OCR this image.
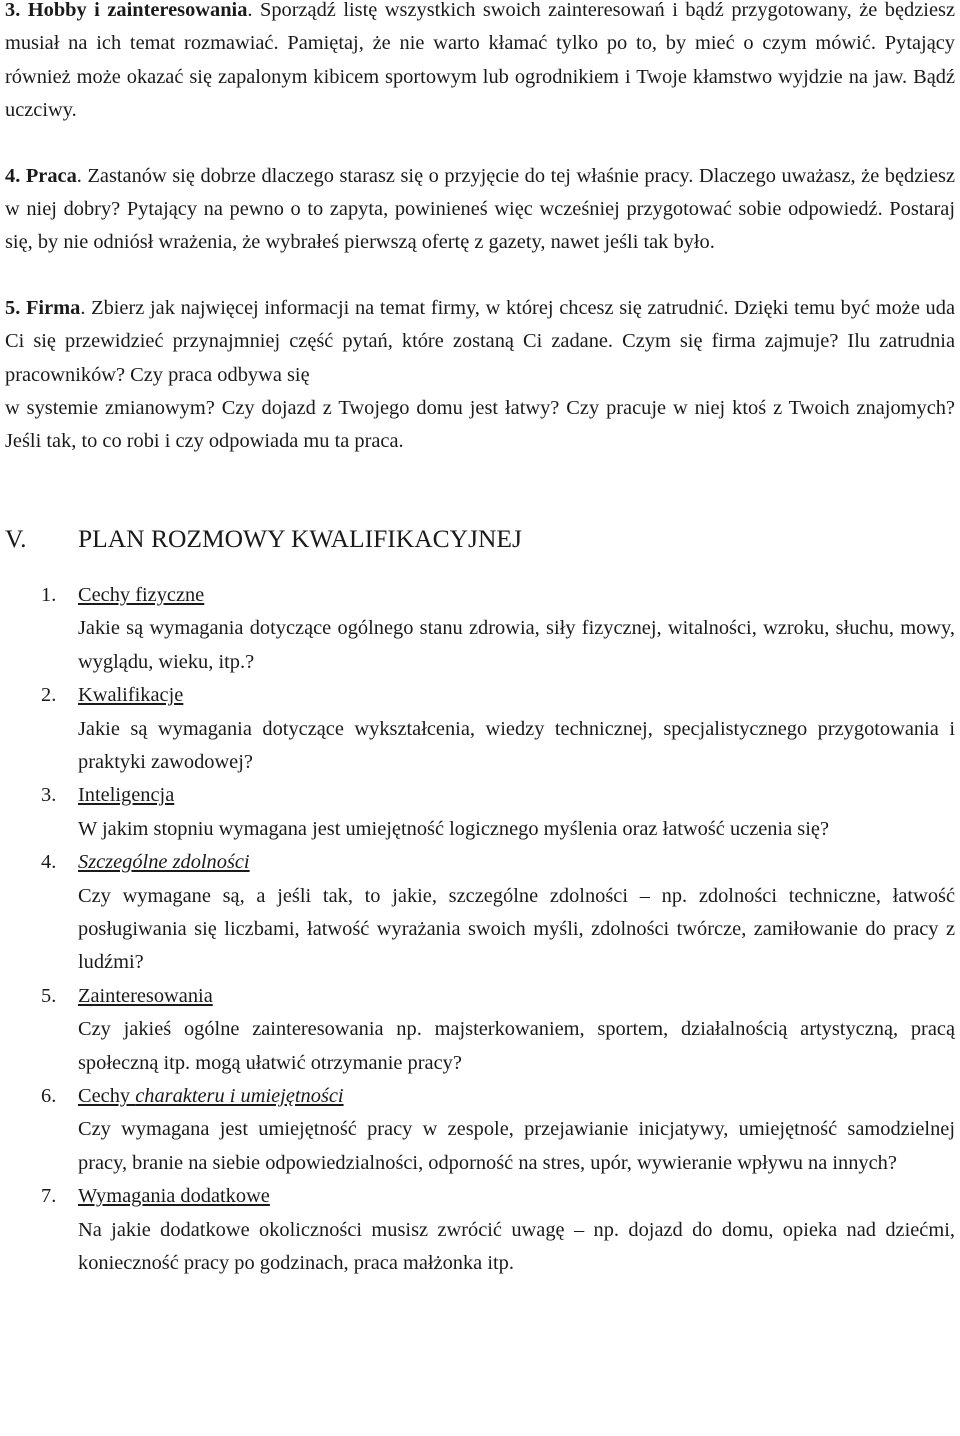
3. Hobby i zainteresowania. Sporządź listę wszystkich swoich zainteresowań i bądź przygotowany, że będziesz musiał na ich temat rozmawiać. Pamiętaj, że nie warto kłamać tylko po to, by mieć o czym mówić. Pytający również może okazać się zapalonym kibicem sportowym lub ogrodnikiem i Twoje kłamstwo wyjdzie na jaw. Bądź uczciwy.

4. Praca. Zastanów się dobrze dlaczego starasz się o przyjęcie do tej właśnie pracy. Dlaczego uważasz, że będziesz w niej dobry? Pytający na pewno o to zapyta, powinieneś więc wcześniej przygotować sobie odpowiedź. Postaraj się, by nie odniósł wrażenia, że wybrałeś pierwszą ofertę z gazety, nawet jeśli tak było.

5. Firma. Zbierz jak najwięcej informacji na temat firmy, w której chcesz się zatrudnić. Dzięki temu być może uda Ci się przewidzieć przynajmniej część pytań, które zostaną Ci zadane. Czym się firma zajmuje? Ilu zatrudnia pracowników? Czy praca odbywa się

w systemie zmianowym? Czy dojazd z Twojego domu jest łatwy? Czy pracuje w niej ktoś z Twoich znajomych? Jeśli tak, to co robi i czy odpowiada mu ta praca.

V.	PLAN ROZMOWY KWALIFIKACYJNEJ
1.	Cechy fizyczne
Jakie są wymagania dotyczące ogólnego stanu zdrowia, siły fizycznej, witalności, wzroku, słuchu, mowy, wyglądu, wieku, itp.?
2.	Kwalifikacje
Jakie są wymagania dotyczące wykształcenia, wiedzy technicznej, specjalistycznego przygotowania i praktyki zawodowej?
3.	Inteligencja
W jakim stopniu wymagana jest umiejętność logicznego myślenia oraz łatwość uczenia się?
4.	Szczególne zdolności
Czy wymagane są, a jeśli tak, to jakie, szczególne zdolności – np. zdolności techniczne, łatwość posługiwania się liczbami, łatwość wyrażania swoich myśli, zdolności twórcze, zamiłowanie do pracy z ludźmi?
5.	Zainteresowania
Czy jakieś ogólne zainteresowania np. majsterkowaniem, sportem, działalnością artystyczną, pracą społeczną itp. mogą ułatwić otrzymanie pracy?
6.	Cechy charakteru i umiejętności
Czy wymagana jest umiejętność pracy w zespole, przejawianie inicjatywy, umiejętność samodzielnej pracy, branie na siebie odpowiedzialności, odporność na stres, upór, wywieranie wpływu na innych?
7.	Wymagania dodatkowe
Na jakie dodatkowe okoliczności musisz zwrócić uwagę – np. dojazd do domu, opieka nad dziećmi, konieczność pracy po godzinach, praca małżonka itp.
